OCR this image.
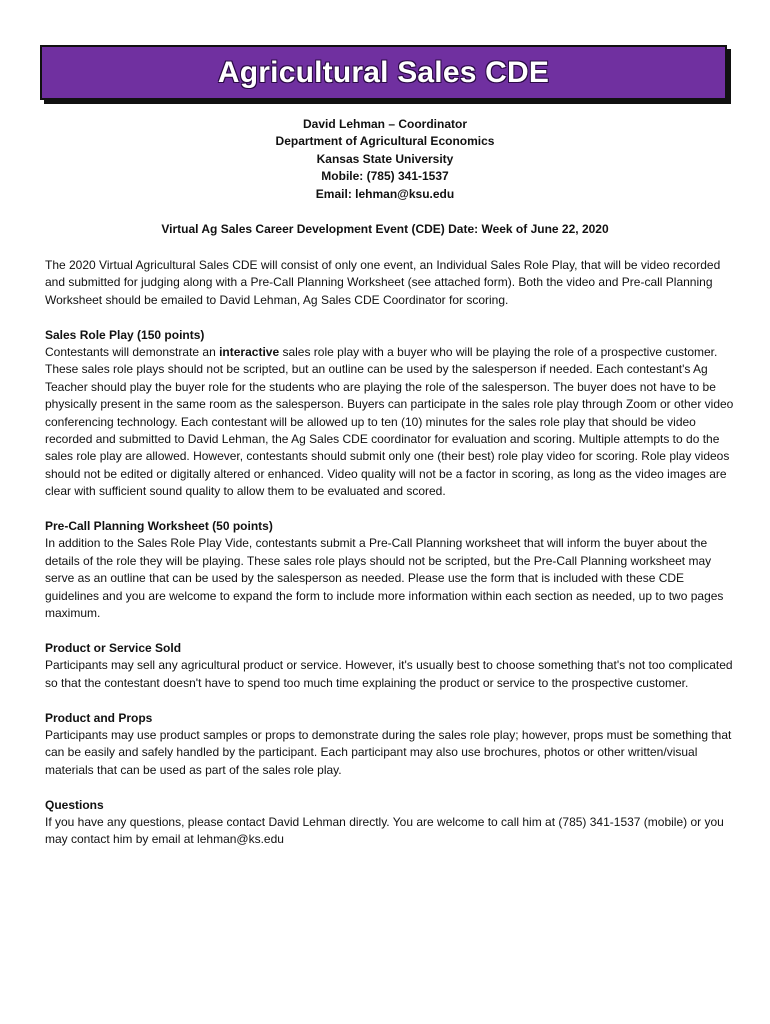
Agricultural Sales CDE
David Lehman – Coordinator
Department of Agricultural Economics
Kansas State University
Mobile: (785) 341-1537
Email: lehman@ksu.edu
Virtual Ag Sales Career Development Event (CDE) Date: Week of June 22, 2020

The 2020 Virtual Agricultural Sales CDE will consist of only one event, an Individual Sales Role Play, that will be video recorded and submitted for judging along with a Pre-Call Planning Worksheet (see attached form). Both the video and Pre-call Planning Worksheet should be emailed to David Lehman, Ag Sales CDE Coordinator for scoring.

Sales Role Play (150 points)

Contestants will demonstrate an interactive sales role play with a buyer who will be playing the role of a prospective customer. These sales role plays should not be scripted, but an outline can be used by the salesperson if needed. Each contestant's Ag Teacher should play the buyer role for the students who are playing the role of the salesperson. The buyer does not have to be physically present in the same room as the salesperson. Buyers can participate in the sales role play through Zoom or other video conferencing technology. Each contestant will be allowed up to ten (10) minutes for the sales role play that should be video recorded and submitted to David Lehman, the Ag Sales CDE coordinator for evaluation and scoring. Multiple attempts to do the sales role play are allowed. However, contestants should submit only one (their best) role play video for scoring. Role play videos should not be edited or digitally altered or enhanced. Video quality will not be a factor in scoring, as long as the video images are clear with sufficient sound quality to allow them to be evaluated and scored.

Pre-Call Planning Worksheet (50 points)

In addition to the Sales Role Play Vide, contestants submit a Pre-Call Planning worksheet that will inform the buyer about the details of the role they will be playing. These sales role plays should not be scripted, but the Pre-Call Planning worksheet may serve as an outline that can be used by the salesperson as needed. Please use the form that is included with these CDE guidelines and you are welcome to expand the form to include more information within each section as needed, up to two pages maximum.

Product or Service Sold

Participants may sell any agricultural product or service. However, it's usually best to choose something that's not too complicated so that the contestant doesn't have to spend too much time explaining the product or service to the prospective customer.

Product and Props

Participants may use product samples or props to demonstrate during the sales role play; however, props must be something that can be easily and safely handled by the participant. Each participant may also use brochures, photos or other written/visual materials that can be used as part of the sales role play.

Questions

If you have any questions, please contact David Lehman directly. You are welcome to call him at (785) 341-1537 (mobile) or you may contact him by email at lehman@ks.edu
